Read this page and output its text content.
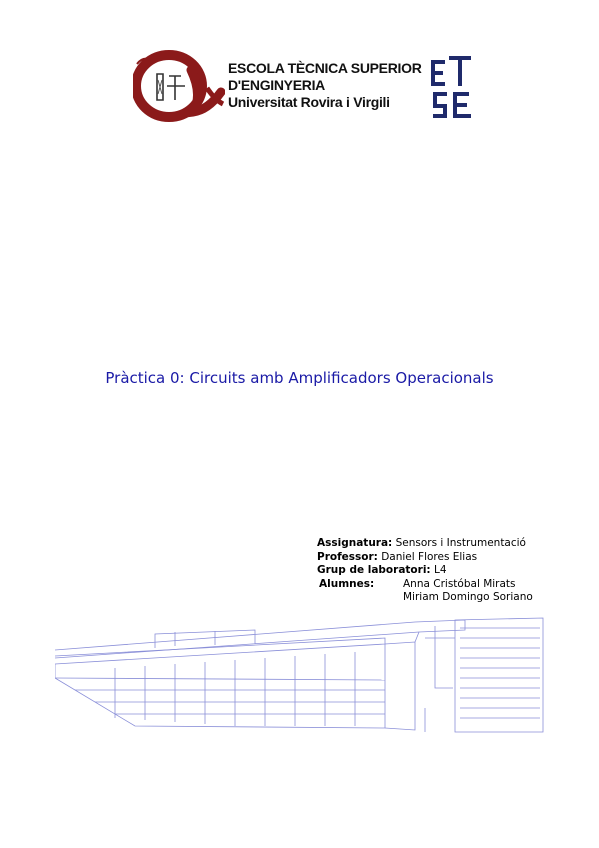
ESCOLA TÈCNICA SUPERIOR
D'ENGINYERIA
Universitat Rovira i Virgili
Pràctica 0: Circuits amb Amplificadors Operacionals
Assignatura: Sensors i Instrumentació
Professor: Daniel Flores Elias
Grup de laboratori: L4
Alumnes:	Anna Cristóbal Mirats
Miriam Domingo Soriano
